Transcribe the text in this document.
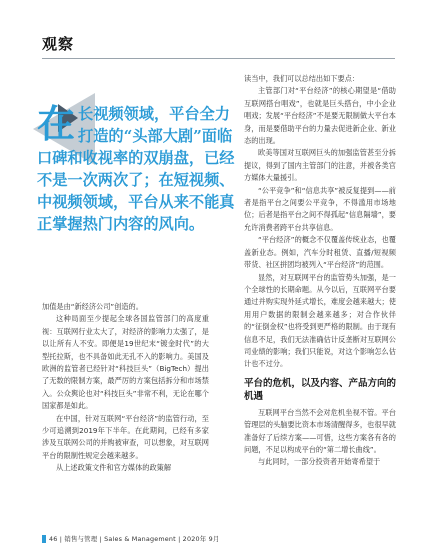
观察

在长视频领域，平台全力打造的“头部大剧”面临口碑和收视率的双崩盘，已经不是一次两次了；在短视频、中视频领域，平台从来不能真正掌握热门内容的风向。

加值是由“新经济公司”创造的。

这种局面至少提起全球各国监管部门的高度重视：互联网行业太大了，对经济的影响力太强了，是以让所有人不安。即便是19世纪末“镀金时代”的大型托拉斯，也不具备如此无孔不入的影响力。美国及欧洲的监管者已经针对“科技巨头”（BigTech）提出了无数的限制方案，最严厉的方案包括拆分和市场禁入。公众舆论也对“科技巨头”非常不利，无论在哪个国家都是如此。

在中国，针对互联网“平台经济”的监管行动，至少可追溯到2019年下半年。在此期间，已经有多家涉及互联网公司的并购被审查，可以想象，对互联网平台的限制性规定会越来越多。

从上述政策文件和官方媒体的政策解

读当中，我们可以总结出如下要点：

主管部门对“平台经济”的核心期望是“借助互联网搭台唱戏”，也就是巨头搭台，中小企业唱戏；发展“平台经济”不是要无限制做大平台本身，而是要借助平台的力量去促进新企业、新业态的出现。

欧美等国对互联网巨头的加强监管甚至分拆提议，得到了国内主管部门的注意，并被各类官方媒体大量援引。

“公平竞争”和“信息共享”被反复提到——前者是指平台之间要公平竞争，不得滥用市场地位；后者是指平台之间不得孤起“信息隔墙”，要允许消费者跨平台共享信息。

“平台经济”的概念不仅覆盖传统业态，也覆盖新业态。例如，汽车分时租赁、直播/短视频带货、社区拼团均被列入“平台经济”的范围。

显然，对互联网平台的监管势头加强，是一个全球性的长期命题。从今以后，互联网平台要通过并购实现外延式增长，难度会越来越大；使用用户数据的限制会越来越多；对合作伙伴的“征倒金权”也将受到更严格的限制。由于现有信息不足，我们无法准确估计反垄断对互联网公司业绩的影响；我们只能说，对这个影响怎么估计也不过分。

平台的危机，以及内容、产品方向的机遇

互联网平台当然不会对危机坐视不管。平台管理层的头脑要比资本市场清醒得多，也很早就准备好了后续方案——可惜，这些方案各有各的问题，不足以构成平台的“第二增长曲线”。

与此同时，一部分投资者开始寄希望于

46 | 销售与管理 | Sales & Management | 2020年 9月
